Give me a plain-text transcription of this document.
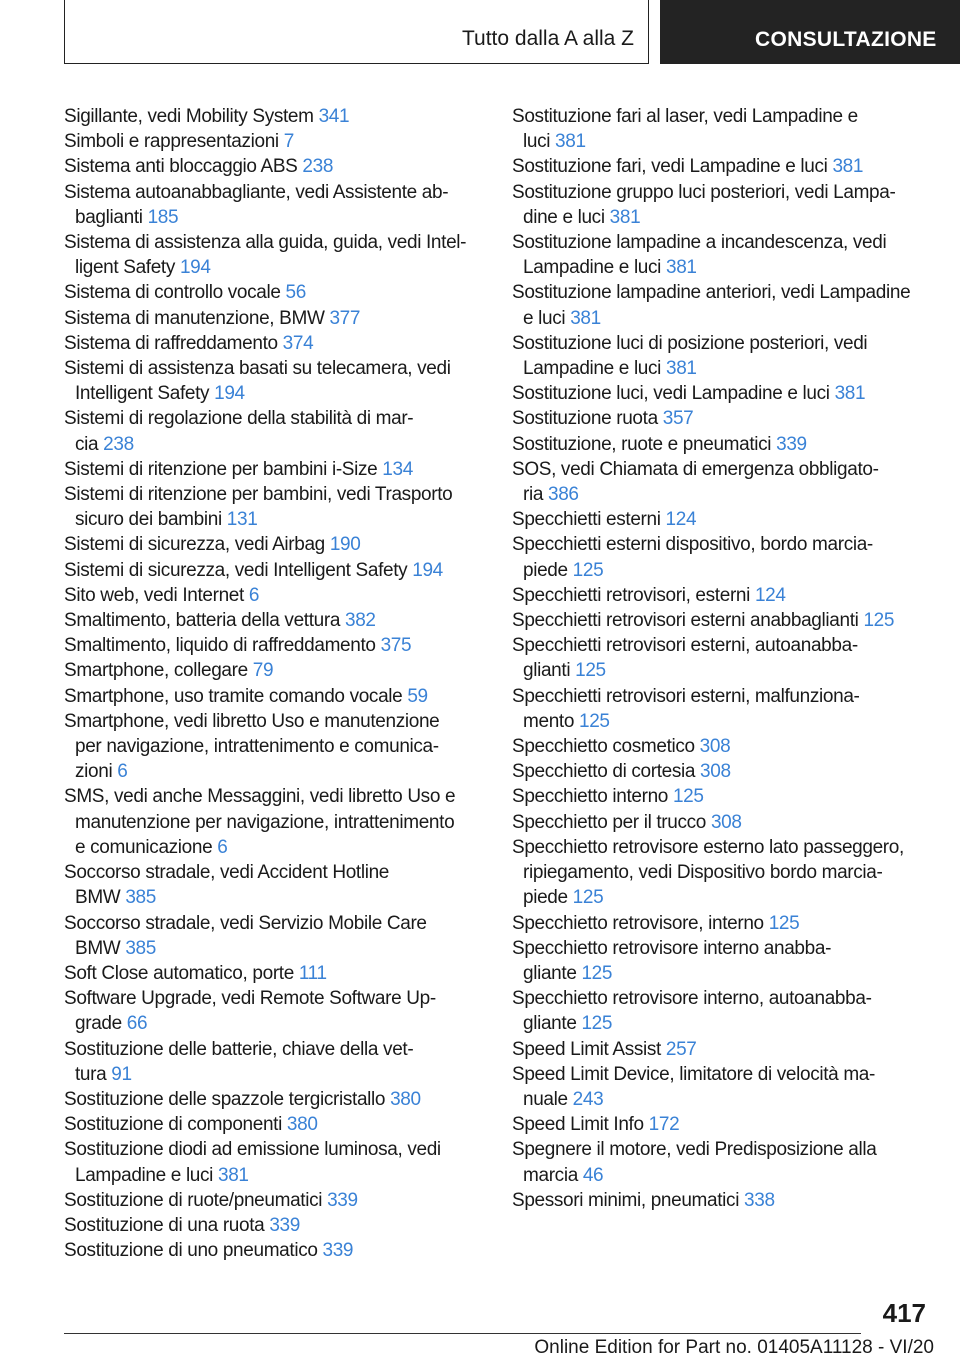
Tutto dalla A alla Z	CONSULTAZIONE
Sigillante, vedi Mobility System 341
Simboli e rappresentazioni 7
Sistema anti bloccaggio ABS 238
Sistema autoanabbagliante, vedi Assistente ab-
baglianti 185
Sistema di assistenza alla guida, guida, vedi Intel-
ligent Safety 194
Sistema di controllo vocale 56
Sistema di manutenzione, BMW 377
Sistema di raffreddamento 374
Sistemi di assistenza basati su telecamera, vedi
Intelligent Safety 194
Sistemi di regolazione della stabilità di mar-
cia 238
Sistemi di ritenzione per bambini i-Size 134
Sistemi di ritenzione per bambini, vedi Trasporto
sicuro dei bambini 131
Sistemi di sicurezza, vedi Airbag 190
Sistemi di sicurezza, vedi Intelligent Safety 194
Sito web, vedi Internet 6
Smaltimento, batteria della vettura 382
Smaltimento, liquido di raffreddamento 375
Smartphone, collegare 79
Smartphone, uso tramite comando vocale 59
Smartphone, vedi libretto Uso e manutenzione
per navigazione, intrattenimento e comunica-
zioni 6
SMS, vedi anche Messaggini, vedi libretto Uso e
manutenzione per navigazione, intrattenimento
e comunicazione 6
Soccorso stradale, vedi Accident Hotline
BMW 385
Soccorso stradale, vedi Servizio Mobile Care
BMW 385
Soft Close automatico, porte 111
Software Upgrade, vedi Remote Software Up-
grade 66
Sostituzione delle batterie, chiave della vet-
tura 91
Sostituzione delle spazzole tergicristallo 380
Sostituzione di componenti 380
Sostituzione diodi ad emissione luminosa, vedi
Lampadine e luci 381
Sostituzione di ruote/pneumatici 339
Sostituzione di una ruota 339
Sostituzione di uno pneumatico 339
Sostituzione fari al laser, vedi Lampadine e
luci 381
Sostituzione fari, vedi Lampadine e luci 381
Sostituzione gruppo luci posteriori, vedi Lampa-
dine e luci 381
Sostituzione lampadine a incandescenza, vedi
Lampadine e luci 381
Sostituzione lampadine anteriori, vedi Lampadine
e luci 381
Sostituzione luci di posizione posteriori, vedi
Lampadine e luci 381
Sostituzione luci, vedi Lampadine e luci 381
Sostituzione ruota 357
Sostituzione, ruote e pneumatici 339
SOS, vedi Chiamata di emergenza obbligato-
ria 386
Specchietti esterni 124
Specchietti esterni dispositivo, bordo marcia-
piede 125
Specchietti retrovisori, esterni 124
Specchietti retrovisori esterni anabbaglianti 125
Specchietti retrovisori esterni, autoanabba-
glianti 125
Specchietti retrovisori esterni, malfunziona-
mento 125
Specchietto cosmetico 308
Specchietto di cortesia 308
Specchietto interno 125
Specchietto per il trucco 308
Specchietto retrovisore esterno lato passeggero,
ripiegamento, vedi Dispositivo bordo marcia-
piede 125
Specchietto retrovisore, interno 125
Specchietto retrovisore interno anabba-
gliante 125
Specchietto retrovisore interno, autoanabba-
gliante 125
Speed Limit Assist 257
Speed Limit Device, limitatore di velocità ma-
nuale 243
Speed Limit Info 172
Spegnere il motore, vedi Predisposizione alla
marcia 46
Spessori minimi, pneumatici 338
417
Online Edition for Part no. 01405A11128 - VI/20
